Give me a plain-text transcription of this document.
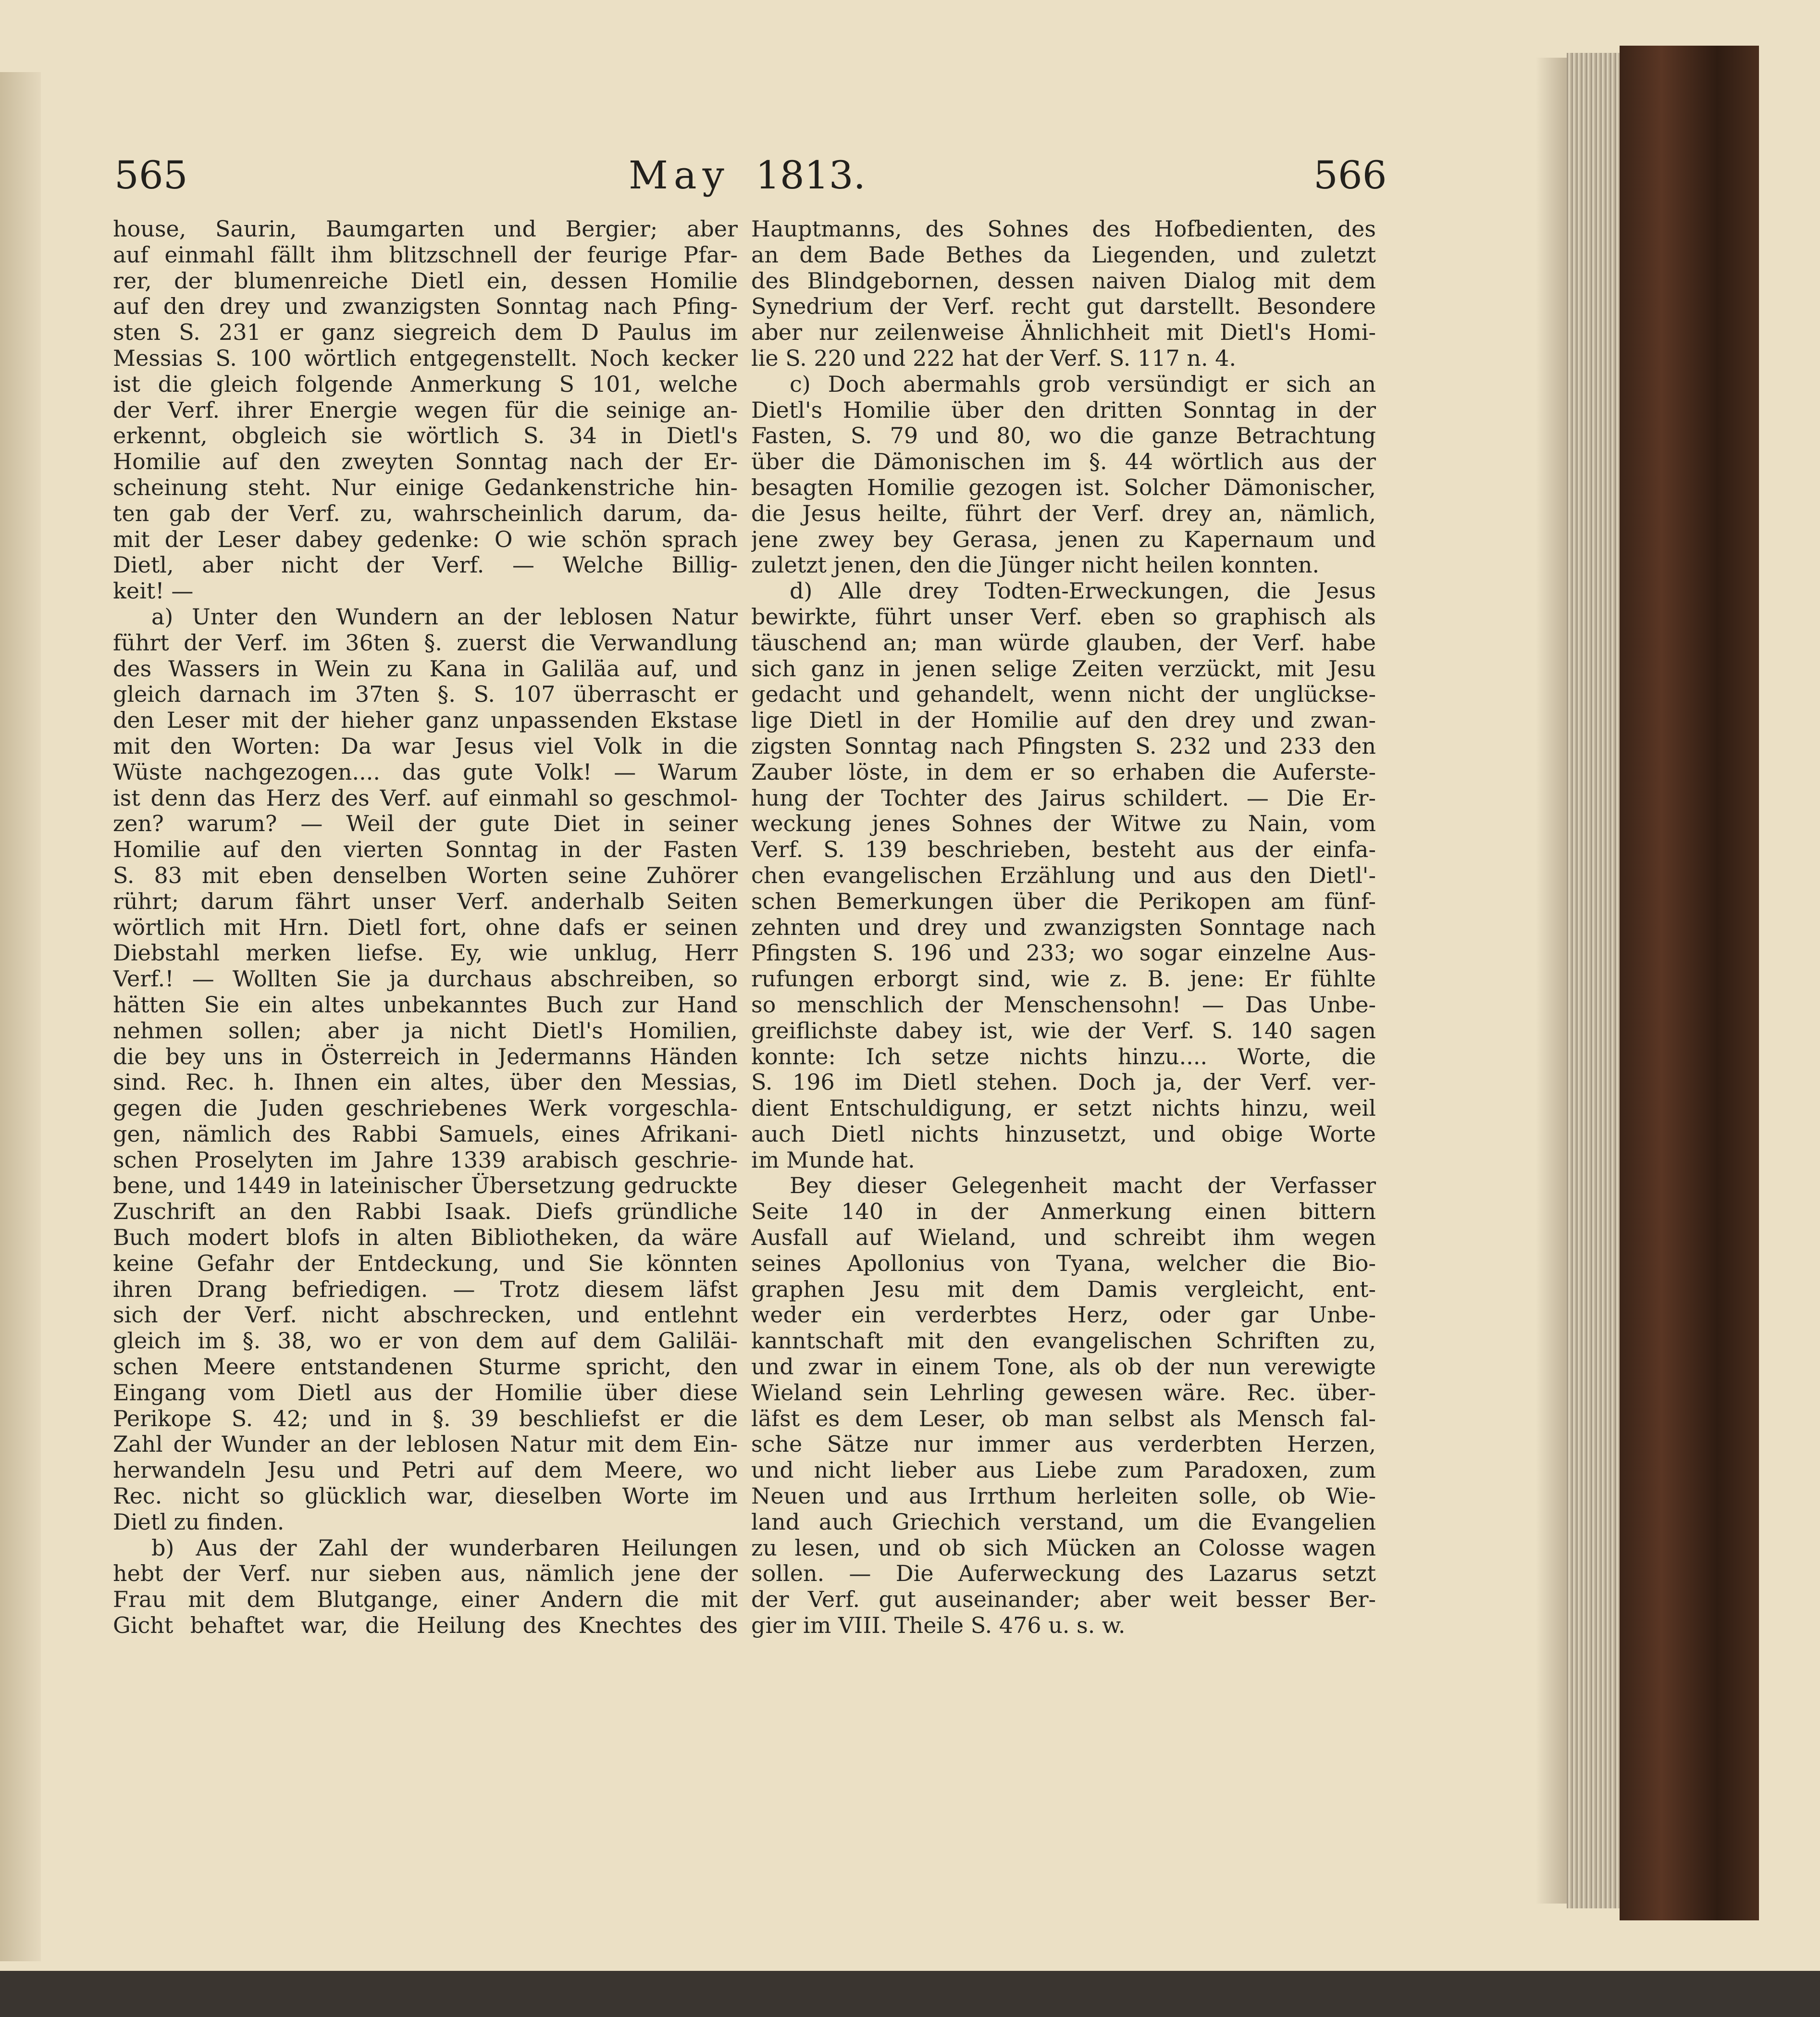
565	May 1813.	566
house, Saurin, Baumgarten und Bergier; aber
auf einmahl fällt ihm blitzschnell der feurige Pfar-
rer, der blumenreiche Dietl ein, dessen Homilie
auf den drey und zwanzigsten Sonntag nach Pfing-
sten S. 231 er ganz siegreich dem D Paulus im
Messias S. 100 wörtlich entgegenstellt. Noch kecker
ist die gleich folgende Anmerkung S 101, welche
der Verf. ihrer Energie wegen für die seinige an-
erkennt, obgleich sie wörtlich S. 34 in Dietl's
Homilie auf den zweyten Sonntag nach der Er-
scheinung steht. Nur einige Gedankenstriche hin-
ten gab der Verf. zu, wahrscheinlich darum, da-
mit der Leser dabey gedenke: O wie schön sprach
Dietl, aber nicht der Verf. — Welche Billig-
keit! —
a) Unter den Wundern an der leblosen Natur
führt der Verf. im 36ten §. zuerst die Verwandlung
des Wassers in Wein zu Kana in Galiläa auf, und
gleich darnach im 37ten §. S. 107 überrascht er
den Leser mit der hieher ganz unpassenden Ekstase
mit den Worten: Da war Jesus viel Volk in die
Wüste nachgezogen.... das gute Volk! — Warum
ist denn das Herz des Verf. auf einmahl so geschmol-
zen? warum? — Weil der gute Diet in seiner
Homilie auf den vierten Sonntag in der Fasten
S. 83 mit eben denselben Worten seine Zuhörer
rührt; darum fährt unser Verf. anderhalb Seiten
wörtlich mit Hrn. Dietl fort, ohne dafs er seinen
Diebstahl merken liefse. Ey, wie unklug, Herr
Verf.! — Wollten Sie ja durchaus abschreiben, so
hätten Sie ein altes unbekanntes Buch zur Hand
nehmen sollen; aber ja nicht Dietl's Homilien,
die bey uns in Österreich in Jedermanns Händen
sind. Rec. h. Ihnen ein altes, über den Messias,
gegen die Juden geschriebenes Werk vorgeschla-
gen, nämlich des Rabbi Samuels, eines Afrikani-
schen Proselyten im Jahre 1339 arabisch geschrie-
bene, und 1449 in lateinischer Übersetzung gedruckte
Zuschrift an den Rabbi Isaak. Diefs gründliche
Buch modert blofs in alten Bibliotheken, da wäre
keine Gefahr der Entdeckung, und Sie könnten
ihren Drang befriedigen. — Trotz diesem läfst
sich der Verf. nicht abschrecken, und entlehnt
gleich im §. 38, wo er von dem auf dem Galiläi-
schen Meere entstandenen Sturme spricht, den
Eingang vom Dietl aus der Homilie über diese
Perikope S. 42; und in §. 39 beschliefst er die
Zahl der Wunder an der leblosen Natur mit dem Ein-
herwandeln Jesu und Petri auf dem Meere, wo
Rec. nicht so glücklich war, dieselben Worte im
Dietl zu finden.
b) Aus der Zahl der wunderbaren Heilungen
hebt der Verf. nur sieben aus, nämlich jene der
Frau mit dem Blutgange, einer Andern die mit
Gicht behaftet war, die Heilung des Knechtes des
Hauptmanns, des Sohnes des Hofbedienten, des
an dem Bade Bethes da Liegenden, und zuletzt
des Blindgebornen, dessen naiven Dialog mit dem
Synedrium der Verf. recht gut darstellt. Besondere
aber nur zeilenweise Ähnlichheit mit Dietl's Homi-
lie S. 220 und 222 hat der Verf. S. 117 n. 4.
c) Doch abermahls grob versündigt er sich an
Dietl's Homilie über den dritten Sonntag in der
Fasten, S. 79 und 80, wo die ganze Betrachtung
über die Dämonischen im §. 44 wörtlich aus der
besagten Homilie gezogen ist. Solcher Dämonischer,
die Jesus heilte, führt der Verf. drey an, nämlich,
jene zwey bey Gerasa, jenen zu Kapernaum und
zuletzt jenen, den die Jünger nicht heilen konnten.
d) Alle drey Todten-Erweckungen, die Jesus
bewirkte, führt unser Verf. eben so graphisch als
täuschend an; man würde glauben, der Verf. habe
sich ganz in jenen selige Zeiten verzückt, mit Jesu
gedacht und gehandelt, wenn nicht der unglückse-
lige Dietl in der Homilie auf den drey und zwan-
zigsten Sonntag nach Pfingsten S. 232 und 233 den
Zauber löste, in dem er so erhaben die Auferste-
hung der Tochter des Jairus schildert. — Die Er-
weckung jenes Sohnes der Witwe zu Nain, vom
Verf. S. 139 beschrieben, besteht aus der einfa-
chen evangelischen Erzählung und aus den Dietl'-
schen Bemerkungen über die Perikopen am fünf-
zehnten und drey und zwanzigsten Sonntage nach
Pfingsten S. 196 und 233; wo sogar einzelne Aus-
rufungen erborgt sind, wie z. B. jene: Er fühlte
so menschlich der Menschensohn! — Das Unbe-
greiflichste dabey ist, wie der Verf. S. 140 sagen
konnte: Ich setze nichts hinzu.... Worte, die
S. 196 im Dietl stehen. Doch ja, der Verf. ver-
dient Entschuldigung, er setzt nichts hinzu, weil
auch Dietl nichts hinzusetzt, und obige Worte
im Munde hat.
Bey dieser Gelegenheit macht der Verfasser
Seite 140 in der Anmerkung einen bittern
Ausfall auf Wieland, und schreibt ihm wegen
seines Apollonius von Tyana, welcher die Bio-
graphen Jesu mit dem Damis vergleicht, ent-
weder ein verderbtes Herz, oder gar Unbe-
kanntschaft mit den evangelischen Schriften zu,
und zwar in einem Tone, als ob der nun verewigte
Wieland sein Lehrling gewesen wäre. Rec. über-
läfst es dem Leser, ob man selbst als Mensch fal-
sche Sätze nur immer aus verderbten Herzen,
und nicht lieber aus Liebe zum Paradoxen, zum
Neuen und aus Irrthum herleiten solle, ob Wie-
land auch Griechich verstand, um die Evangelien
zu lesen, und ob sich Mücken an Colosse wagen
sollen. — Die Auferweckung des Lazarus setzt
der Verf. gut auseinander; aber weit besser Ber-
gier im VIII. Theile S. 476 u. s. w.
